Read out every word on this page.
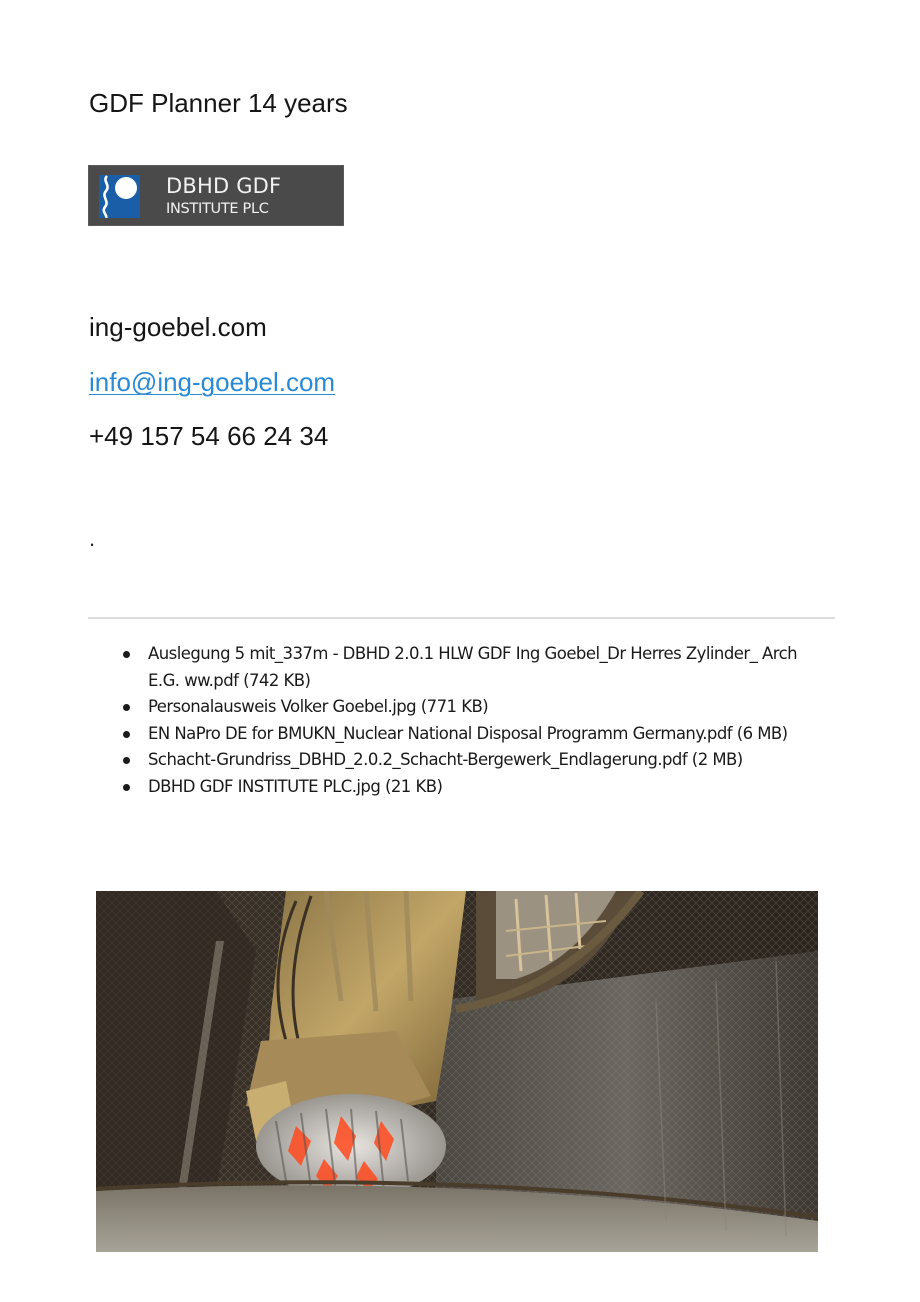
GDF Planner 14 years
DBHD GDF
INSTITUTE PLC
ing-goebel.com
info@ing-goebel.com
+49 157 54 66 24 34
.
Auslegung 5 mit_337m - DBHD 2.0.1 HLW GDF Ing Goebel_Dr Herres Zylinder_ Arch E.G. ww.pdf (742 KB)
Personalausweis Volker Goebel.jpg (771 KB)
EN NaPro DE for BMUKN_Nuclear National Disposal Programm Germany.pdf (6 MB)
Schacht-Grundriss_DBHD_2.0.2_Schacht-Bergewerk_Endlagerung.pdf (2 MB)
DBHD GDF INSTITUTE PLC.jpg (21 KB)
